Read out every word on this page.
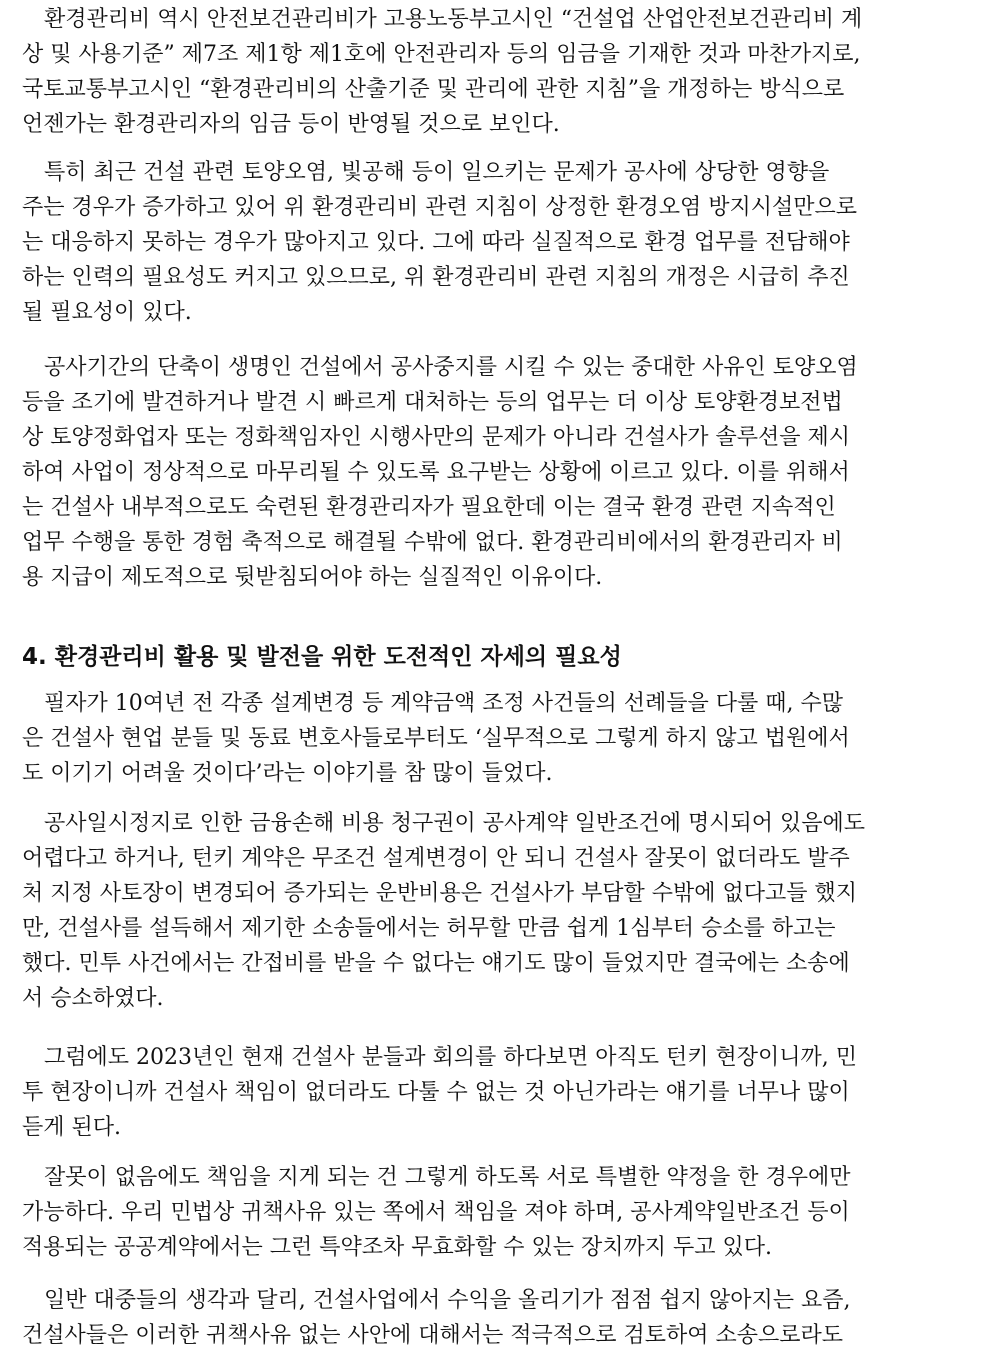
환경관리비 역시 안전보건관리비가 고용노동부고시인 “건설업 산업안전보건관리비 계
상 및 사용기준” 제7조 제1항 제1호에 안전관리자 등의 임금을 기재한 것과 마찬가지로,
국토교통부고시인 “환경관리비의 산출기준 및 관리에 관한 지침”을 개정하는 방식으로
언젠가는 환경관리자의 임금 등이 반영될 것으로 보인다.
특히 최근 건설 관련 토양오염, 빛공해 등이 일으키는 문제가 공사에 상당한 영향을
주는 경우가 증가하고 있어 위 환경관리비 관련 지침이 상정한 환경오염 방지시설만으로
는 대응하지 못하는 경우가 많아지고 있다. 그에 따라 실질적으로 환경 업무를 전담해야
하는 인력의 필요성도 커지고 있으므로, 위 환경관리비 관련 지침의 개정은 시급히 추진
될 필요성이 있다.
공사기간의 단축이 생명인 건설에서 공사중지를 시킬 수 있는 중대한 사유인 토양오염
등을 조기에 발견하거나 발견 시 빠르게 대처하는 등의 업무는 더 이상 토양환경보전법
상 토양정화업자 또는 정화책임자인 시행사만의 문제가 아니라 건설사가 솔루션을 제시
하여 사업이 정상적으로 마무리될 수 있도록 요구받는 상황에 이르고 있다. 이를 위해서
는 건설사 내부적으로도 숙련된 환경관리자가 필요한데 이는 결국 환경 관련 지속적인
업무 수행을 통한 경험 축적으로 해결될 수밖에 없다. 환경관리비에서의 환경관리자 비
용 지급이 제도적으로 뒷받침되어야 하는 실질적인 이유이다.
4. 환경관리비 활용 및 발전을 위한 도전적인 자세의 필요성
필자가 10여년 전 각종 설계변경 등 계약금액 조정 사건들의 선례들을 다룰 때, 수많
은 건설사 현업 분들 및 동료 변호사들로부터도 ‘실무적으로 그렇게 하지 않고 법원에서
도 이기기 어려울 것이다’라는 이야기를 참 많이 들었다.
공사일시정지로 인한 금융손해 비용 청구권이 공사계약 일반조건에 명시되어 있음에도
어렵다고 하거나, 턴키 계약은 무조건 설계변경이 안 되니 건설사 잘못이 없더라도 발주
처 지정 사토장이 변경되어 증가되는 운반비용은 건설사가 부담할 수밖에 없다고들 했지
만, 건설사를 설득해서 제기한 소송들에서는 허무할 만큼 쉽게 1심부터 승소를 하고는
했다. 민투 사건에서는 간접비를 받을 수 없다는 얘기도 많이 들었지만 결국에는 소송에
서 승소하였다.
그럼에도 2023년인 현재 건설사 분들과 회의를 하다보면 아직도 턴키 현장이니까, 민
투 현장이니까 건설사 책임이 없더라도 다툴 수 없는 것 아닌가라는 얘기를 너무나 많이
듣게 된다.
잘못이 없음에도 책임을 지게 되는 건 그렇게 하도록 서로 특별한 약정을 한 경우에만
가능하다. 우리 민법상 귀책사유 있는 쪽에서 책임을 져야 하며, 공사계약일반조건 등이
적용되는 공공계약에서는 그런 특약조차 무효화할 수 있는 장치까지 두고 있다.
일반 대중들의 생각과 달리, 건설사업에서 수익을 올리기가 점점 쉽지 않아지는 요즘,
건설사들은 이러한 귀책사유 없는 사안에 대해서는 적극적으로 검토하여 소송으로라도
